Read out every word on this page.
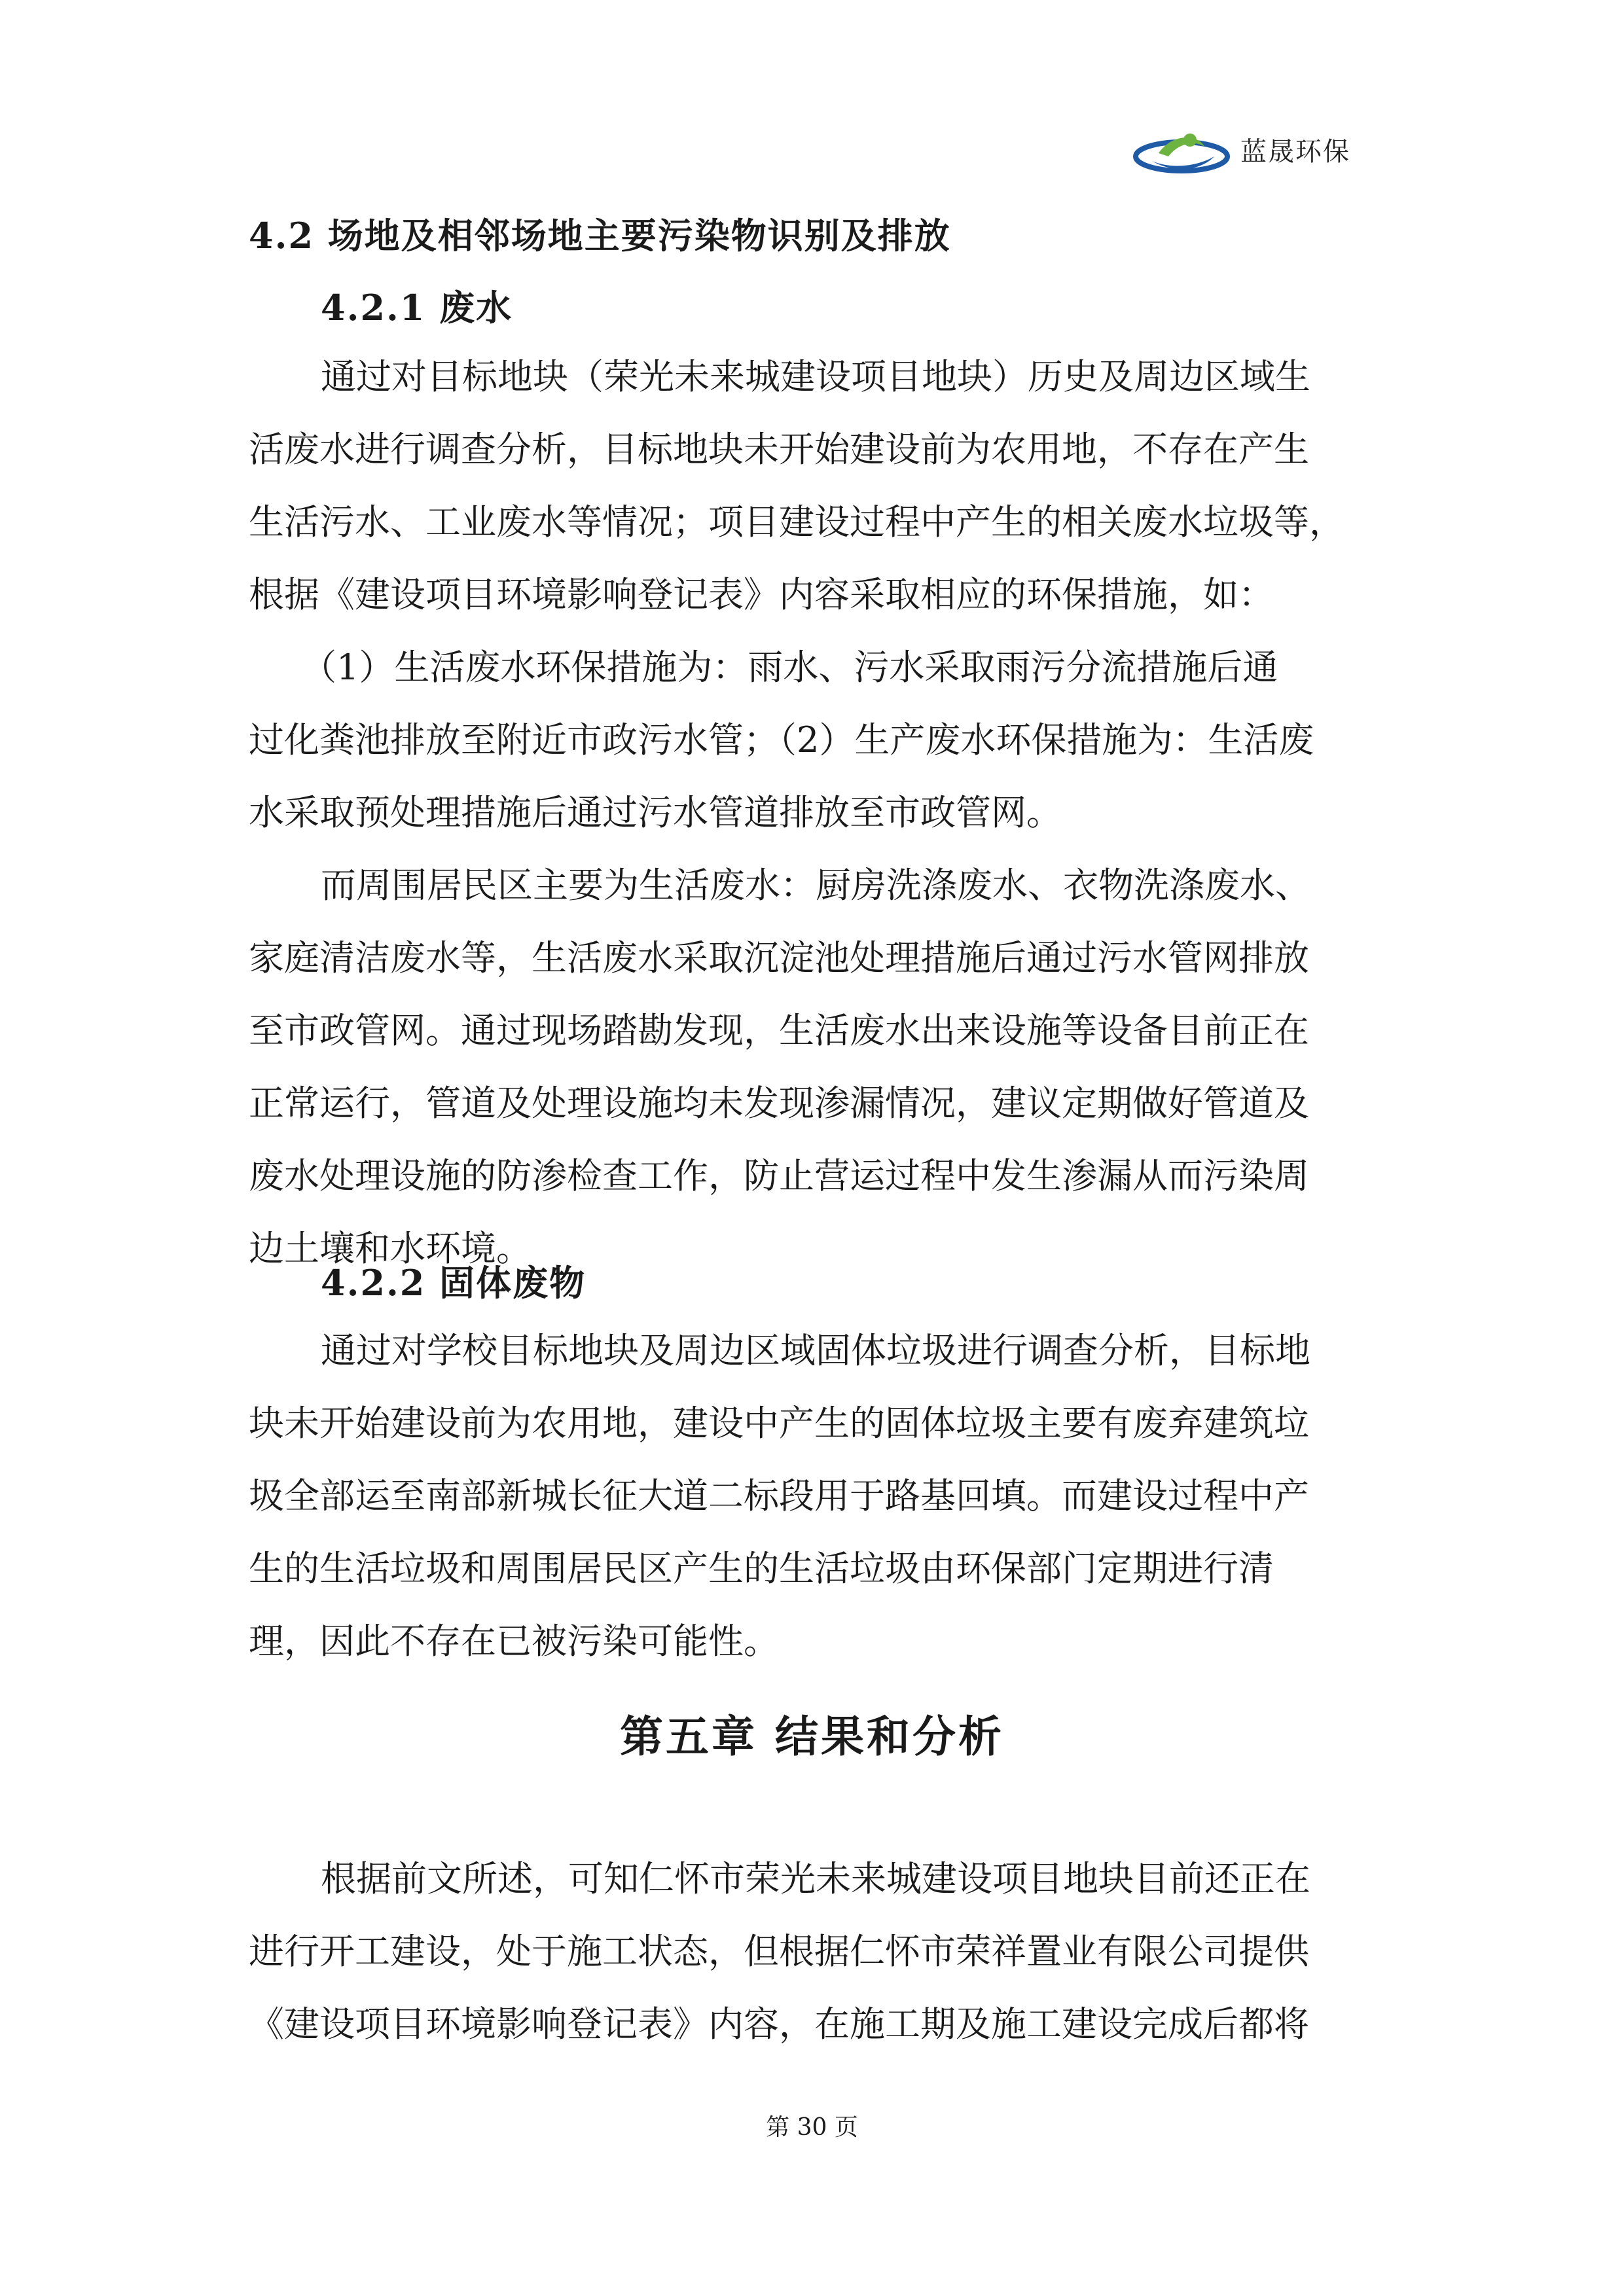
蓝晟环保
4.2 场地及相邻场地主要污染物识别及排放
4.2.1 废水

通过对目标地块（荣光未来城建设项目地块）历史及周边区域生

活废水进行调查分析，目标地块未开始建设前为农用地，不存在产生

生活污水、工业废水等情况；项目建设过程中产生的相关废水垃圾等，

根据《建设项目环境影响登记表》内容采取相应的环保措施，如：

（1）生活废水环保措施为：雨水、污水采取雨污分流措施后通

过化粪池排放至附近市政污水管；（2）生产废水环保措施为：生活废

水采取预处理措施后通过污水管道排放至市政管网。

而周围居民区主要为生活废水：厨房洗涤废水、衣物洗涤废水、

家庭清洁废水等，生活废水采取沉淀池处理措施后通过污水管网排放

至市政管网。通过现场踏勘发现，生活废水出来设施等设备目前正在

正常运行，管道及处理设施均未发现渗漏情况，建议定期做好管道及

废水处理设施的防渗检查工作，防止营运过程中发生渗漏从而污染周

边土壤和水环境。

4.2.2 固体废物

通过对学校目标地块及周边区域固体垃圾进行调查分析，目标地

块未开始建设前为农用地，建设中产生的固体垃圾主要有废弃建筑垃

圾全部运至南部新城长征大道二标段用于路基回填。而建设过程中产

生的生活垃圾和周围居民区产生的生活垃圾由环保部门定期进行清

理，因此不存在已被污染可能性。

第五章 结果和分析

根据前文所述，可知仁怀市荣光未来城建设项目地块目前还正在

进行开工建设，处于施工状态，但根据仁怀市荣祥置业有限公司提供

《建设项目环境影响登记表》内容，在施工期及施工建设完成后都将

第 30 页
